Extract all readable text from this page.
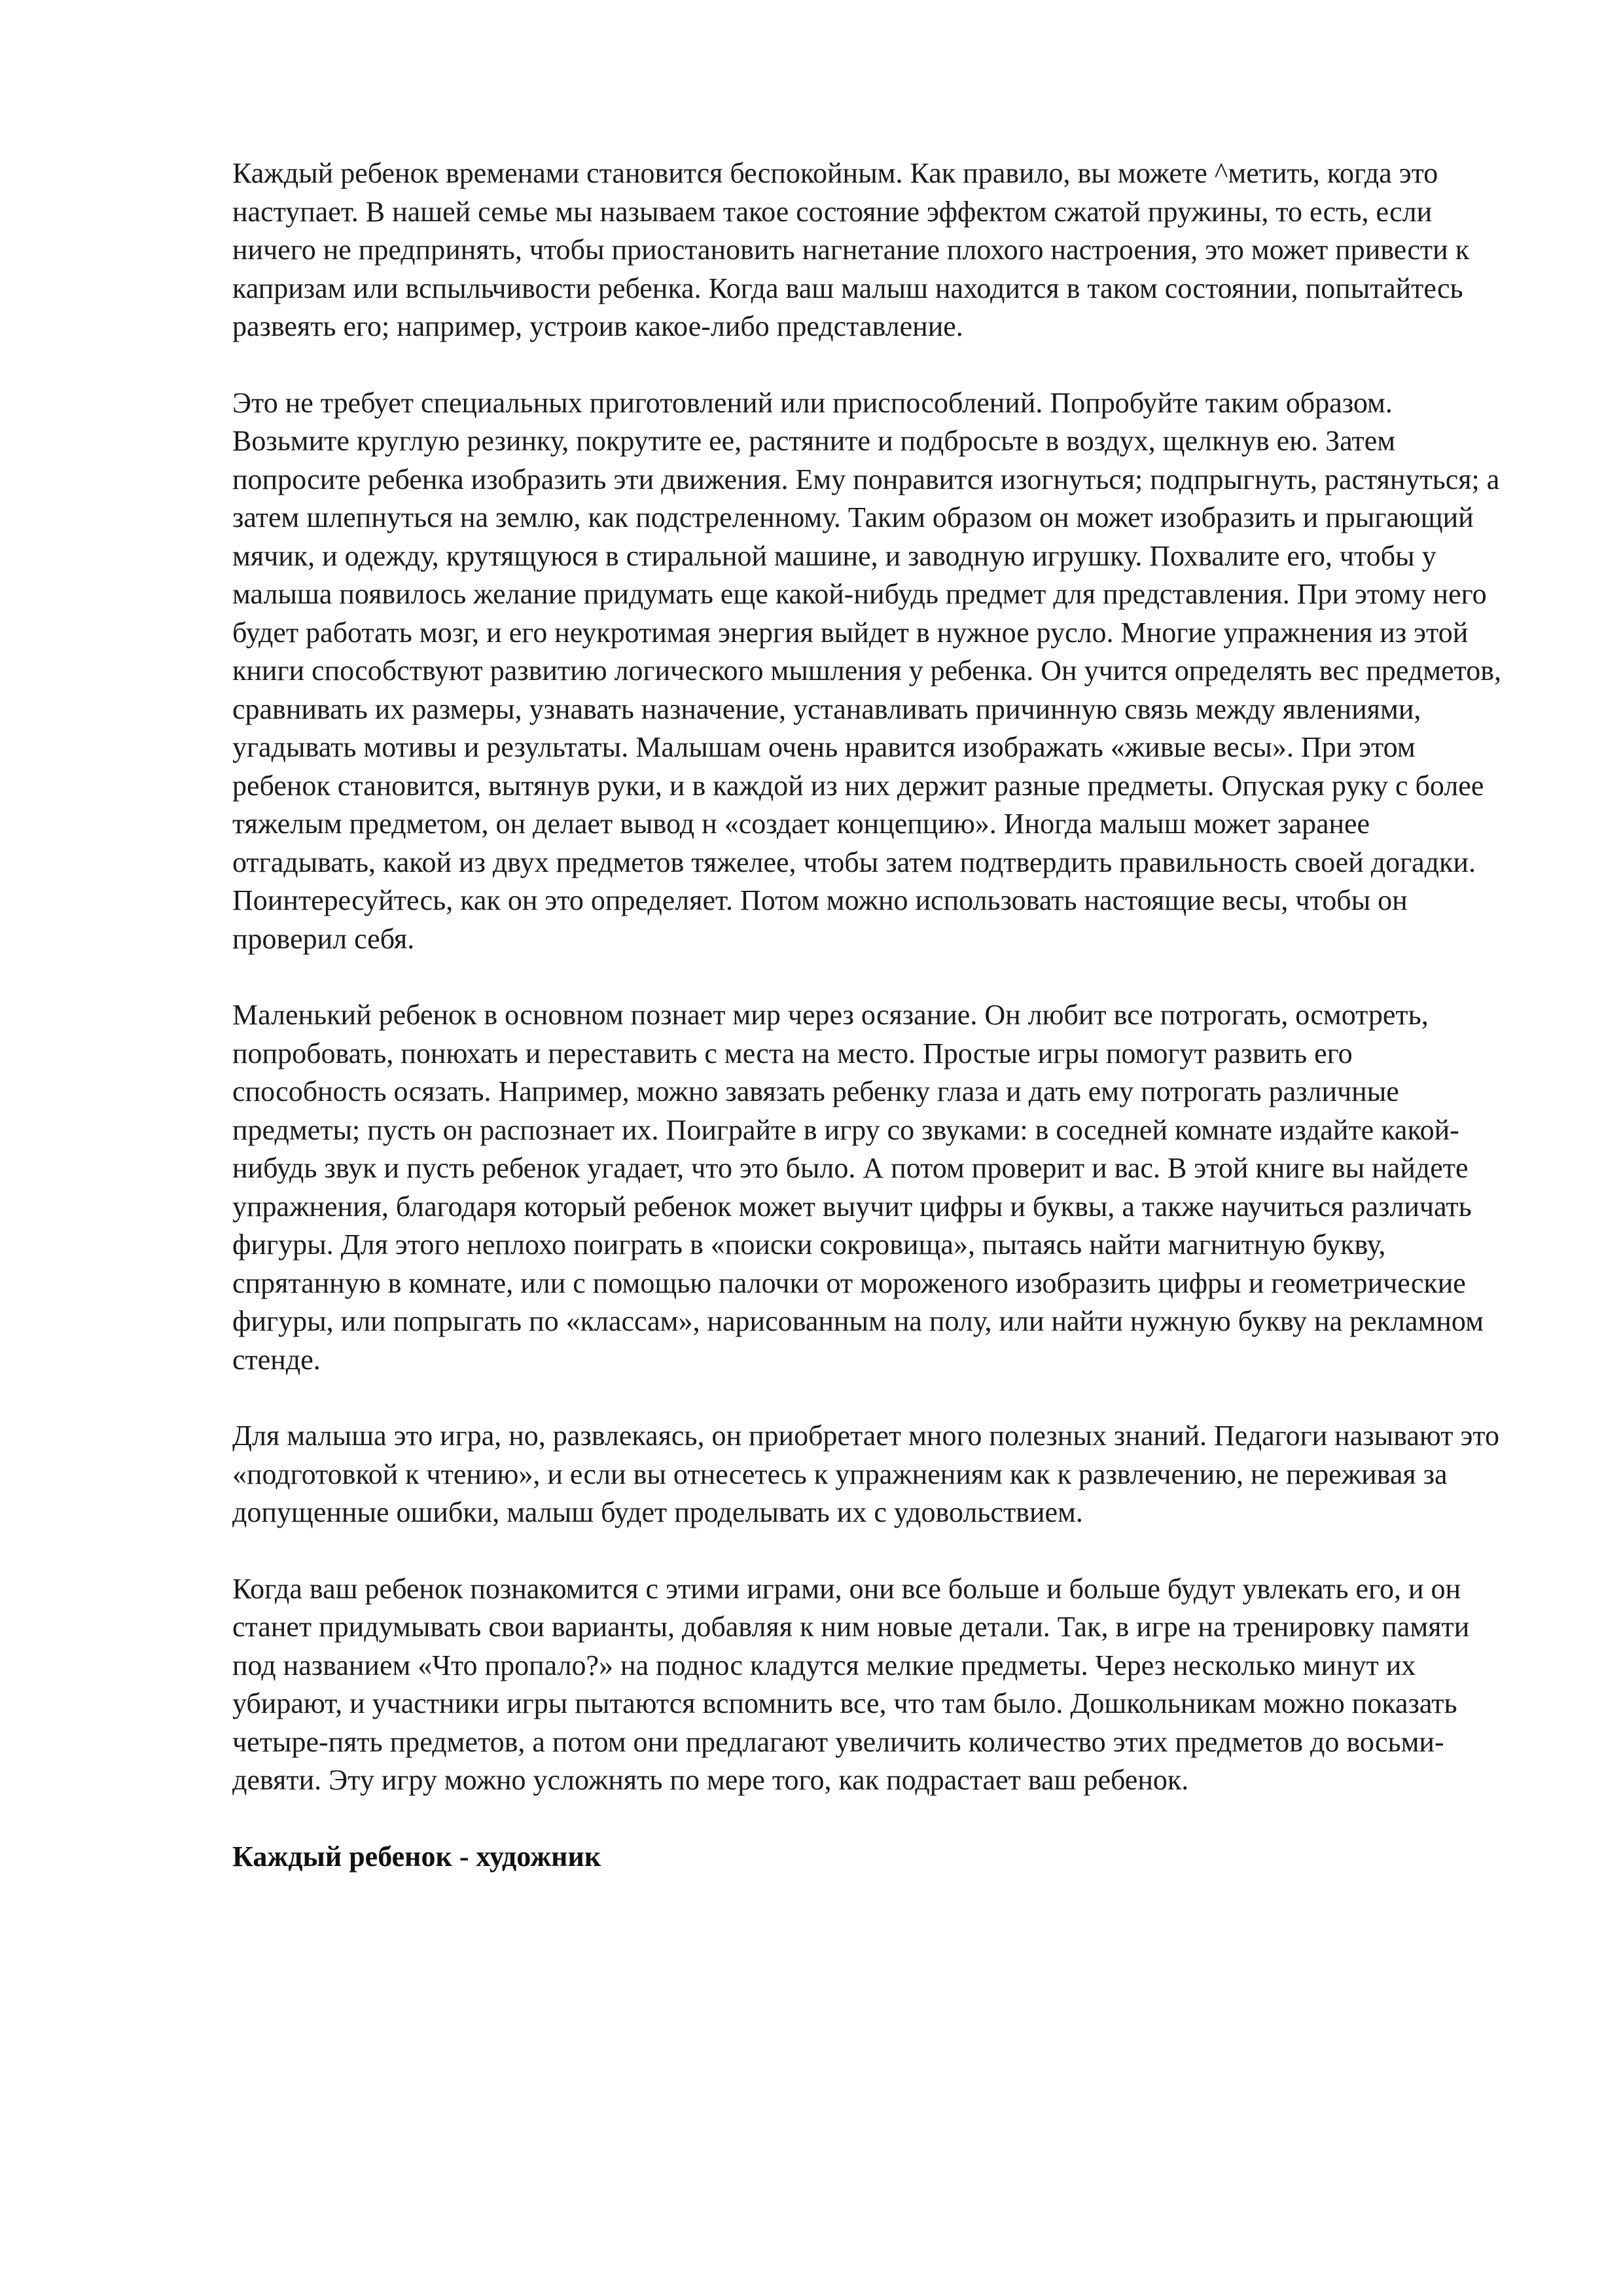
Каждый ребенок временами становится беспокойным. Как правило, вы можете ^метить, когда это наступает. В нашей семье мы называем такое состояние эффектом сжатой пружины, то есть, если ничего не предпринять, чтобы приостановить нагнетание плохого настроения, это может привести к капризам или вспыльчивости ребенка. Когда ваш малыш находится в таком состоянии, попытайтесь развеять его; например, устроив какое-либо представление.

Это не требует специальных приготовлений или приспособлений. Попробуйте таким образом. Возьмите круглую резинку, покрутите ее, растяните и подбросьте в воздух, щелкнув ею. Затем попросите ребенка изобразить эти движения. Ему понравится изогнуться; подпрыгнуть, растянуться; а затем шлепнуться на землю, как подстреленному. Таким образом он может изобразить и прыгающий мячик, и одежду, крутящуюся в стиральной машине, и заводную игрушку. Похвалите его, чтобы у малыша появилось желание придумать еще какой-нибудь предмет для представления. При этому него будет работать мозг, и его неукротимая энергия выйдет в нужное русло. Многие упражнения из этой книги способствуют развитию логического мышления у ребенка. Он учится определять вес предметов, сравнивать их размеры, узнавать назначение, устанавливать причинную связь между явлениями, угадывать мотивы и результаты. Малышам очень нравится изображать «живые весы». При этом ребенок становится, вытянув руки, и в каждой из них держит разные предметы. Опуская руку с более тяжелым предметом, он делает вывод н «создает концепцию». Иногда малыш может заранее отгадывать, какой из двух предметов тяжелее, чтобы затем подтвердить правильность своей догадки. Поинтересуйтесь, как он это определяет. Потом можно использовать настоящие весы, чтобы он проверил себя.

Маленький ребенок в основном познает мир через осязание. Он любит все потрогать, осмотреть, попробовать, понюхать и переставить с места на место. Простые игры помогут развить его способность осязать. Например, можно завязать ребенку глаза и дать ему потрогать различные предметы; пусть он распознает их. Поиграйте в игру со звуками: в соседней комнате издайте какой-нибудь звук и пусть ребенок угадает, что это было. А потом проверит и вас. В этой книге вы найдете упражнения, благодаря который ребенок может выучит цифры и буквы, а также научиться различать фигуры. Для этого неплохо поиграть в «поиски сокровища», пытаясь найти магнитную букву, спрятанную в комнате, или с помощью палочки от мороженого изобразить цифры и геометрические фигуры, или попрыгать по «классам», нарисованным на полу, или найти нужную букву на рекламном стенде.

Для малыша это игра, но, развлекаясь, он приобретает много полезных знаний. Педагоги называют это «подготовкой к чтению», и если вы отнесетесь к упражнениям как к развлечению, не переживая за допущенные ошибки, малыш будет проделывать их с удовольствием.

Когда ваш ребенок познакомится с этими играми, они все больше и больше будут увлекать его, и он станет придумывать свои варианты, добавляя к ним новые детали. Так, в игре на тренировку памяти под названием «Что пропало?» на поднос кладутся мелкие предметы. Через несколько минут их убирают, и участники игры пытаются вспомнить все, что там было. Дошкольникам можно показать четыре-пять предметов, а потом они предлагают увеличить количество этих предметов до восьми-девяти. Эту игру можно усложнять по мере того, как подрастает ваш ребенок.

Каждый ребенок - художник
